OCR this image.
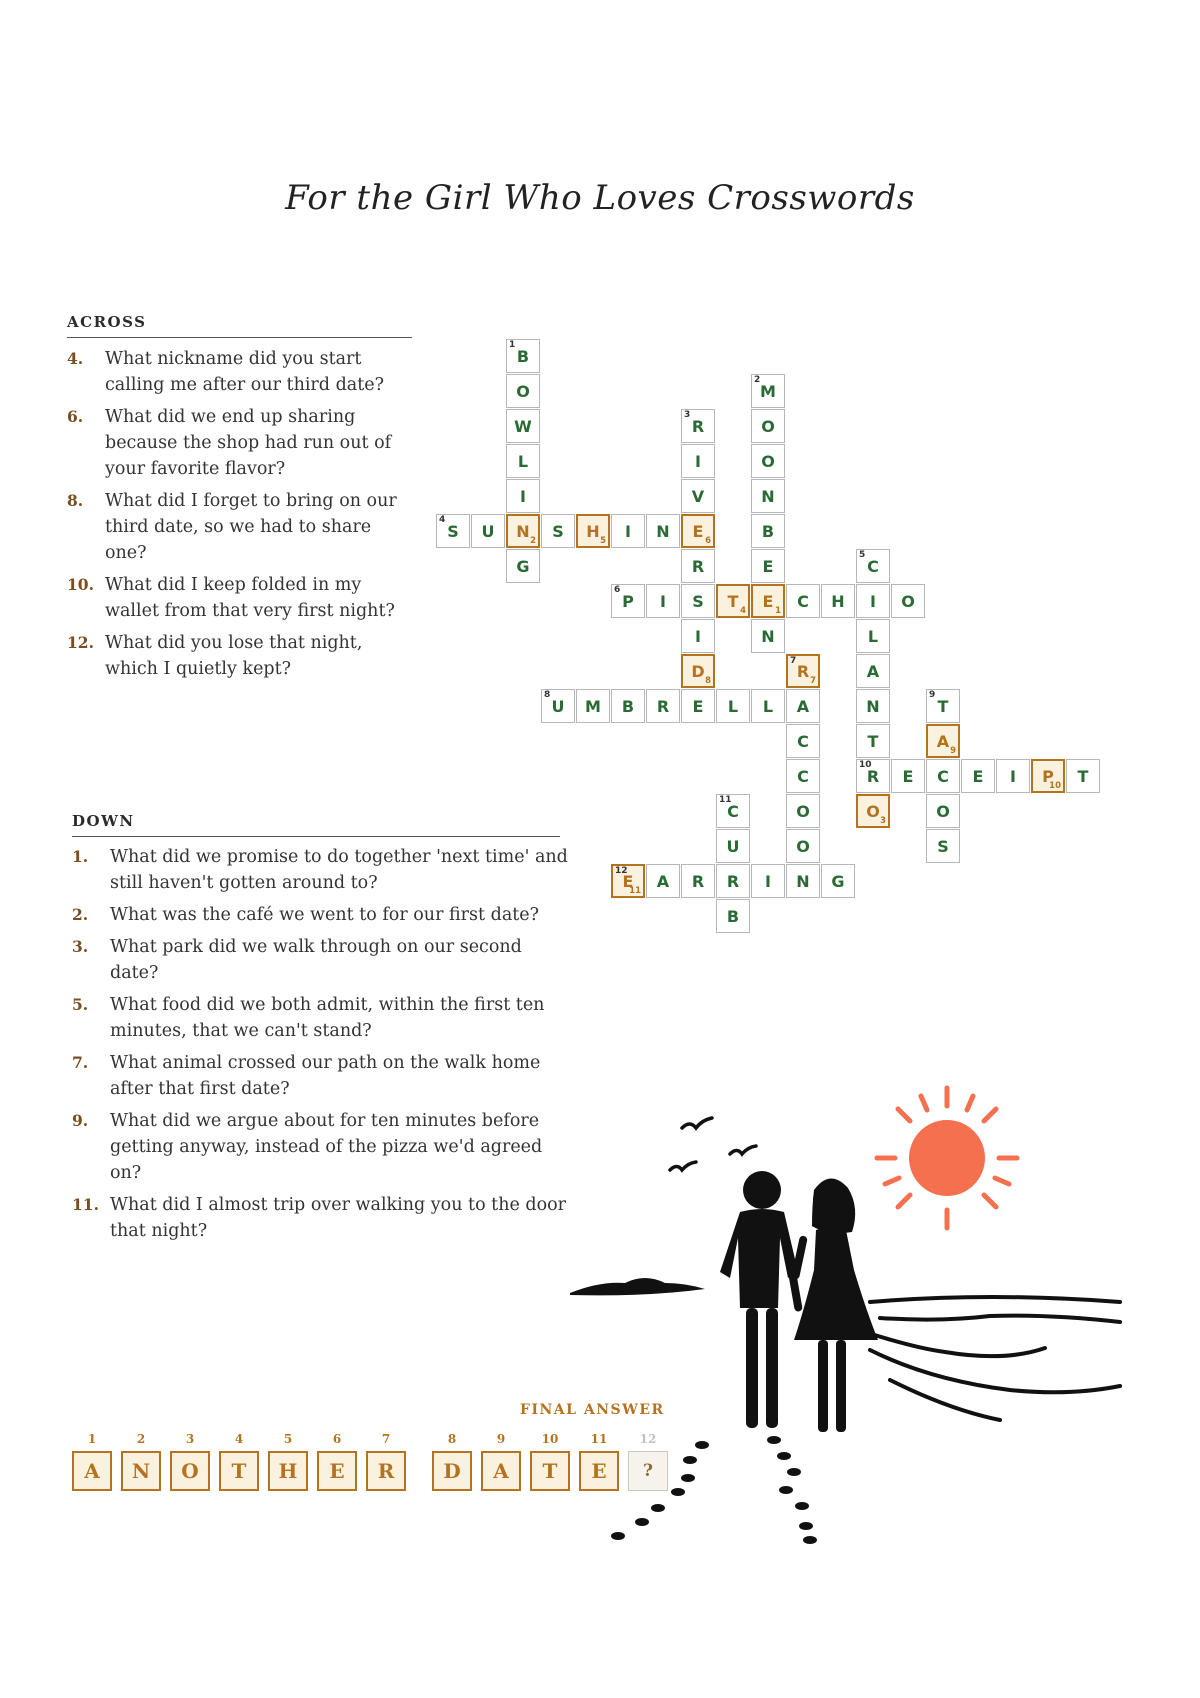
For the Girl Who Loves Crosswords
ACROSS
4.	What nickname did you start calling me after our third date?
6.	What did we end up sharing because the shop had run out of your favorite flavor?
8.	What did I forget to bring on our third date, so we had to share one?
10. What did I keep folded in my wallet from that very first night?
12. What did you lose that night, which I quietly kept?
DOWN
1.	What did we promise to do together 'next time' and still haven't gotten around to?
2.	What was the café we went to for our first date?
3.	What park did we walk through on our second date?
5.	What food did we both admit, within the first ten minutes, that we can't stand?
7.	What animal crossed our path on the walk home after that first date?
9.	What did we argue about for ten minutes before getting anyway, instead of the pizza we'd agreed on?
11. What did I almost trip over walking you to the door that night?
B
1
O
W
L
I
N
2
G
M
2
O
O
N
B
E
E
1
N
R
3
I
V
E
6
R
S
I
D
8
E
S
4
U	S H
5
I N
C
5
I
L
A
N
T
R
10
O
3
P
6
I	T
4
C H	O
R
7
7
A
C
C
O
O
N
U
8
M B R	L L	T
9
A
9
C
O
S
E	E I P
10
T
C
11
U
R
B
E
12
11
A R	I	G
FINAL ANSWER
1
A
2
N
3
O
4
T
5
H
6
E
7
R
8
D
9
A
10
T
11
E
12
?
